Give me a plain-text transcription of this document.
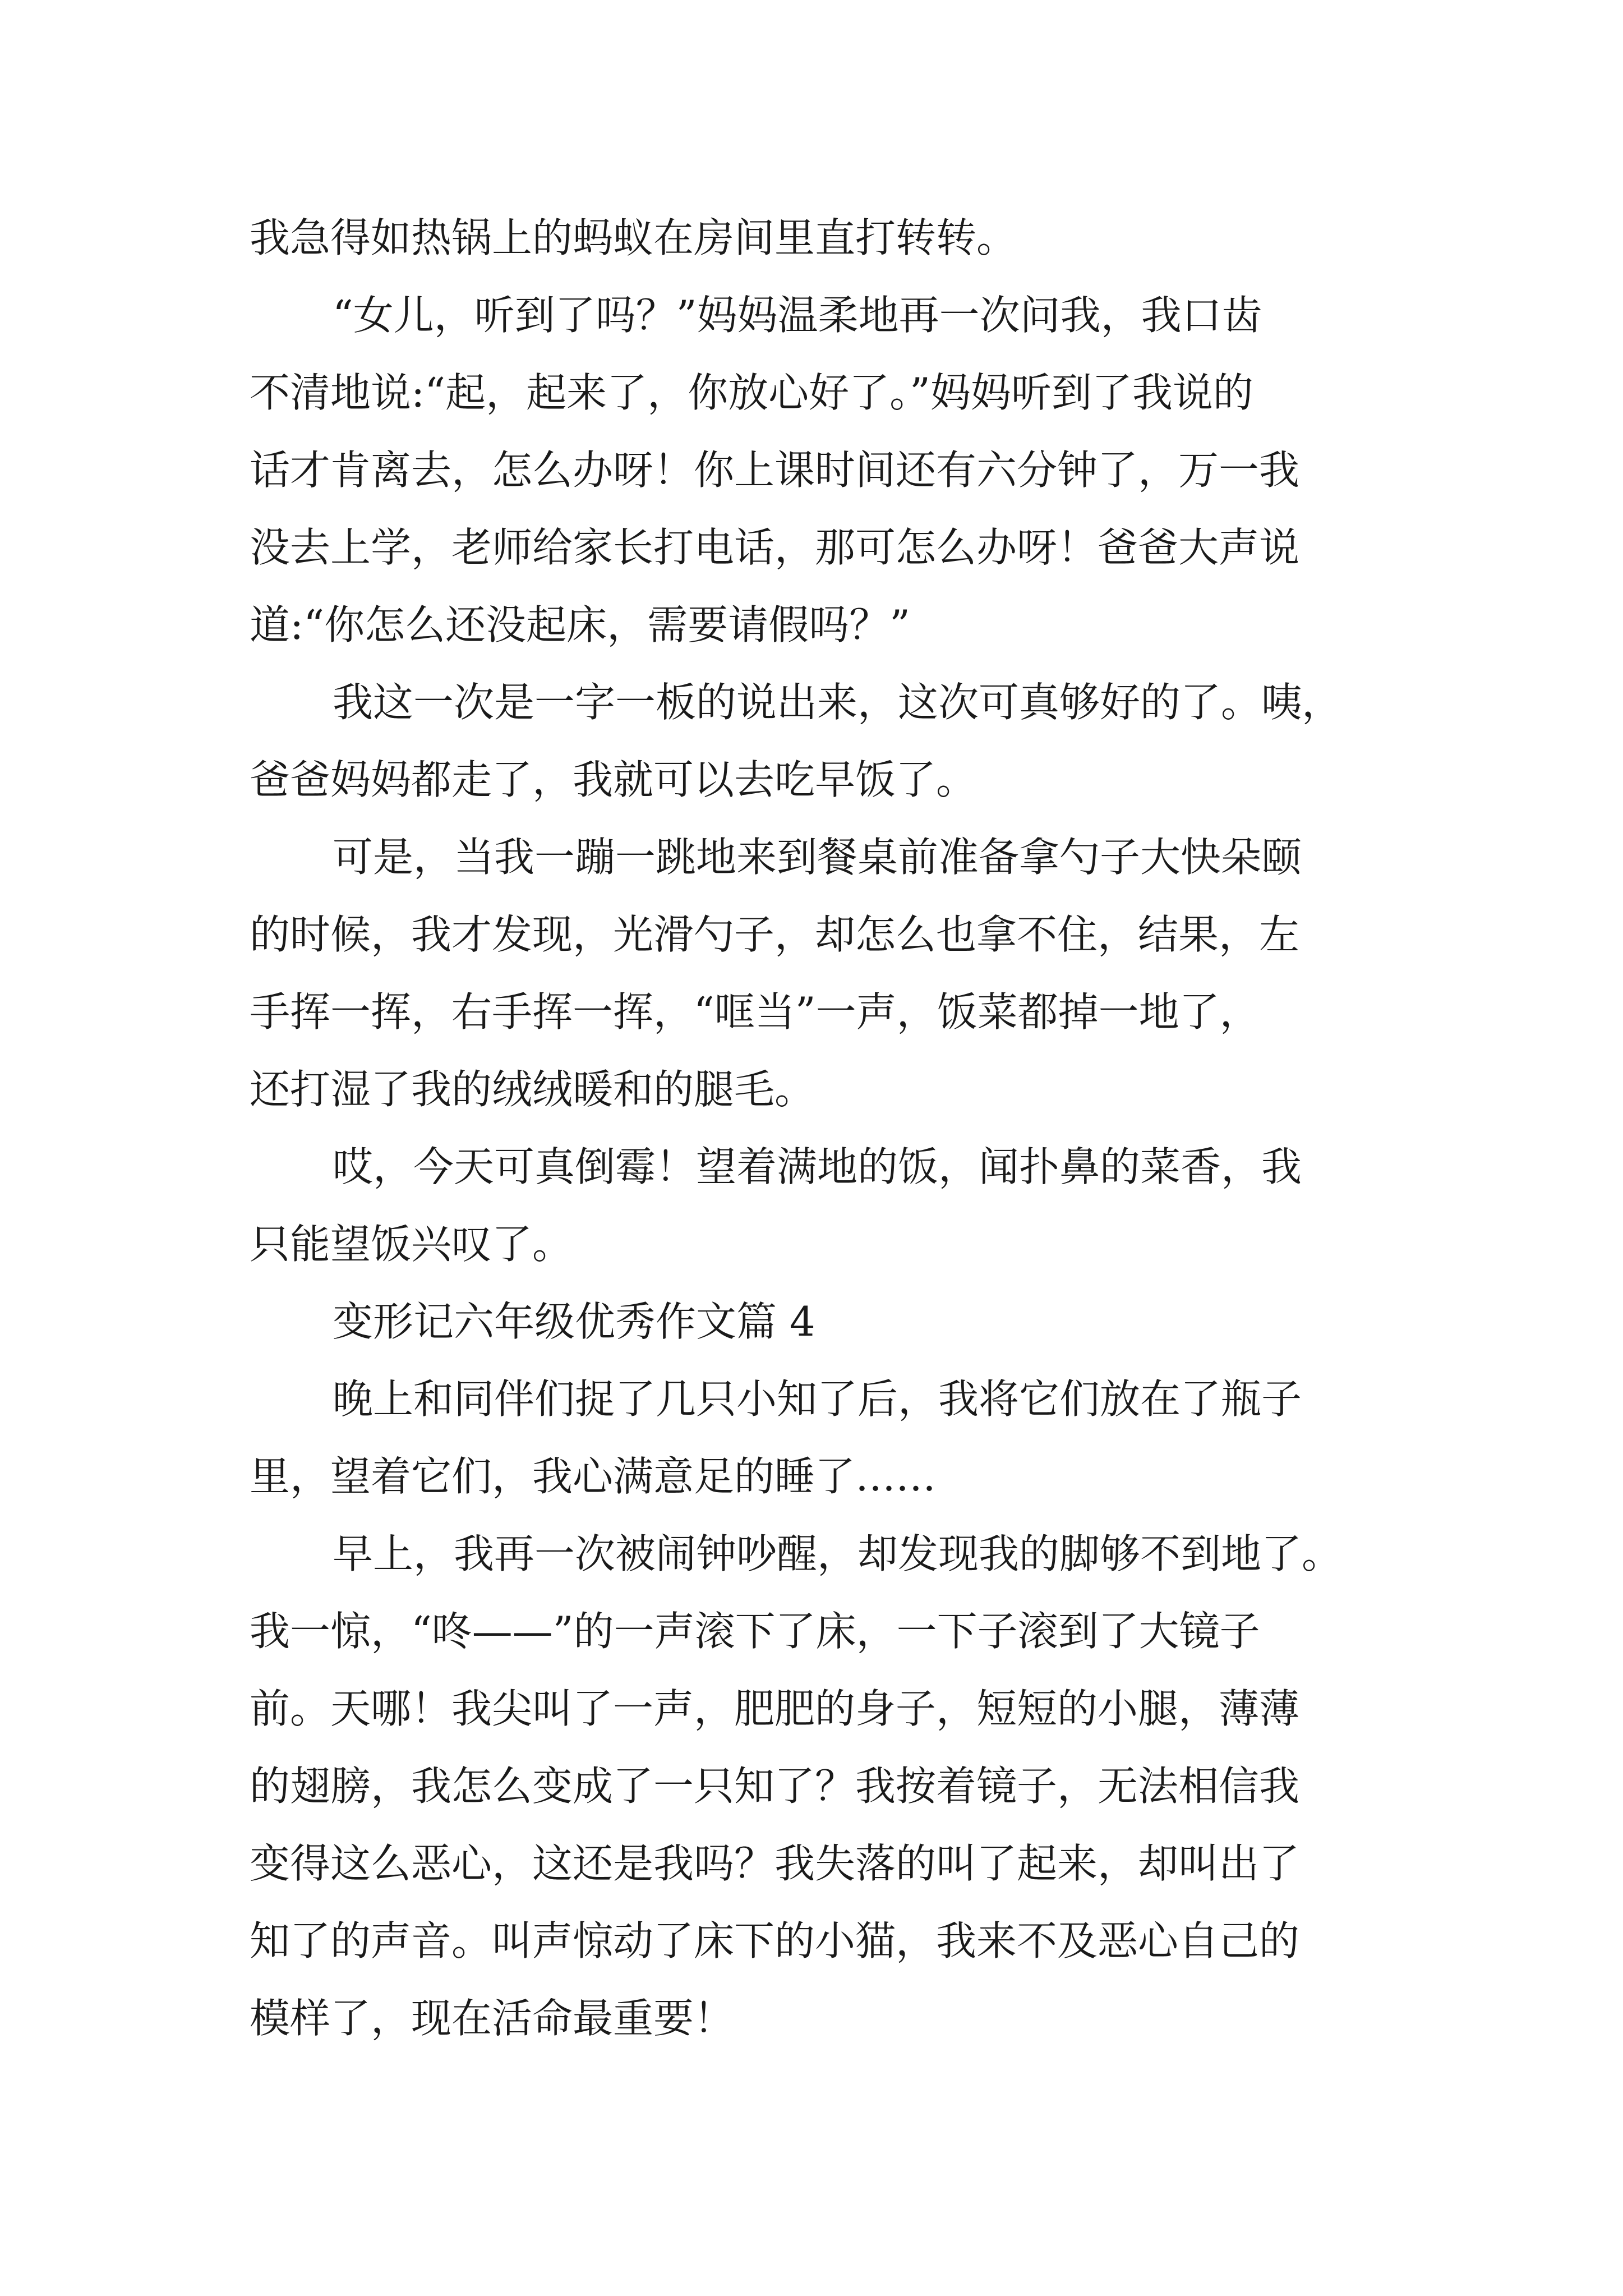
我急得如热锅上的蚂蚁在房间里直打转转。
“女儿，听到了吗？”妈妈温柔地再一次问我，我口齿
不清地说:“起，起来了，你放心好了。”妈妈听到了我说的
话才肯离去，怎么办呀！你上课时间还有六分钟了，万一我
没去上学，老师给家长打电话，那可怎么办呀！爸爸大声说
道:“你怎么还没起床，需要请假吗？”
我这一次是一字一板的说出来，这次可真够好的了。咦，
爸爸妈妈都走了，我就可以去吃早饭了。
可是，当我一蹦一跳地来到餐桌前准备拿勺子大快朵颐
的时候，我才发现，光滑勺子，却怎么也拿不住，结果，左
手挥一挥，右手挥一挥，“哐当”一声，饭菜都掉一地了，
还打湿了我的绒绒暖和的腿毛。
哎，今天可真倒霉！望着满地的饭，闻扑鼻的菜香，我
只能望饭兴叹了。
变形记六年级优秀作文篇 4
晚上和同伴们捉了几只小知了后，我将它们放在了瓶子
里，望着它们，我心满意足的睡了……
早上，我再一次被闹钟吵醒，却发现我的脚够不到地了。
我一惊，“咚——”的一声滚下了床，一下子滚到了大镜子
前。天哪！我尖叫了一声，肥肥的身子，短短的小腿，薄薄
的翅膀，我怎么变成了一只知了？我按着镜子，无法相信我
变得这么恶心，这还是我吗？我失落的叫了起来，却叫出了
知了的声音。叫声惊动了床下的小猫，我来不及恶心自己的
模样了，现在活命最重要！
